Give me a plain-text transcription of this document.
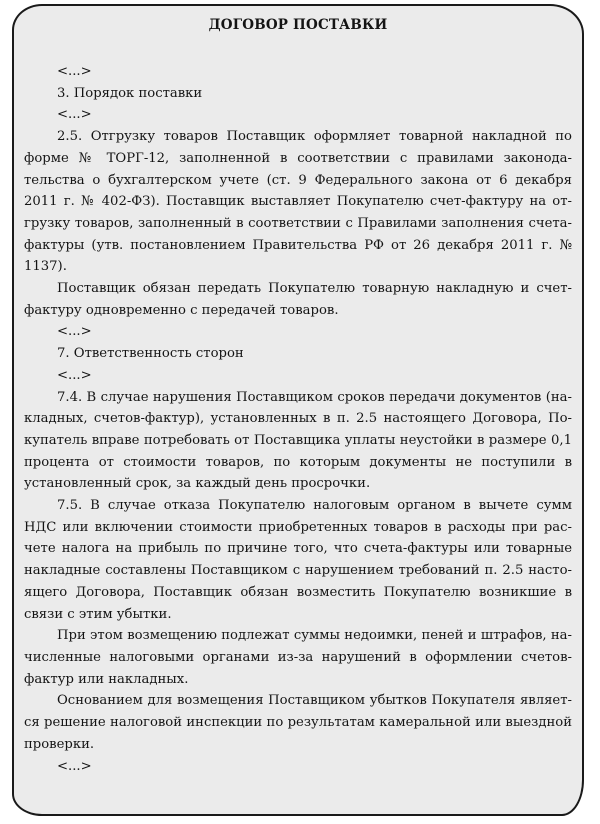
ДОГОВОР ПОСТАВКИ

<...>

3. Порядок поставки

<...>

2.5. Отгрузку товаров Поставщик оформляет товарной накладной по форме № ТОРГ-12, заполненной в соответствии с правилами законодательства о бухгалтерском учете (ст. 9 Федерального закона от 6 декабря 2011 г. № 402-ФЗ). Поставщик выставляет Покупателю счет-фактуру на отгрузку товаров, заполненный в соответствии с Правилами заполнения счета-фактуры (утв. постановлением Правительства РФ от 26 декабря 2011 г. № 1137).

Поставщик обязан передать Покупателю товарную накладную и счет-фактуру одновременно с передачей товаров.

<...>

7. Ответственность сторон

<...>

7.4. В случае нарушения Поставщиком сроков передачи документов (накладных, счетов-фактур), установленных в п. 2.5 настоящего Договора, Покупатель вправе потребовать от Поставщика уплаты неустойки в размере 0,1 процента от стоимости товаров, по которым документы не поступили в установленный срок, за каждый день просрочки.

7.5. В случае отказа Покупателю налоговым органом в вычете сумм НДС или включении стоимости приобретенных товаров в расходы при расчете налога на прибыль по причине того, что счета-фактуры или товарные накладные составлены Поставщиком с нарушением требований п. 2.5 настоящего Договора, Поставщик обязан возместить Покупателю возникшие в связи с этим убытки.

При этом возмещению подлежат суммы недоимки, пеней и штрафов, начисленные налоговыми органами из-за нарушений в оформлении счетов-фактур или накладных.

Основанием для возмещения Поставщиком убытков Покупателя является решение налоговой инспекции по результатам камеральной или выездной проверки.

<...>
